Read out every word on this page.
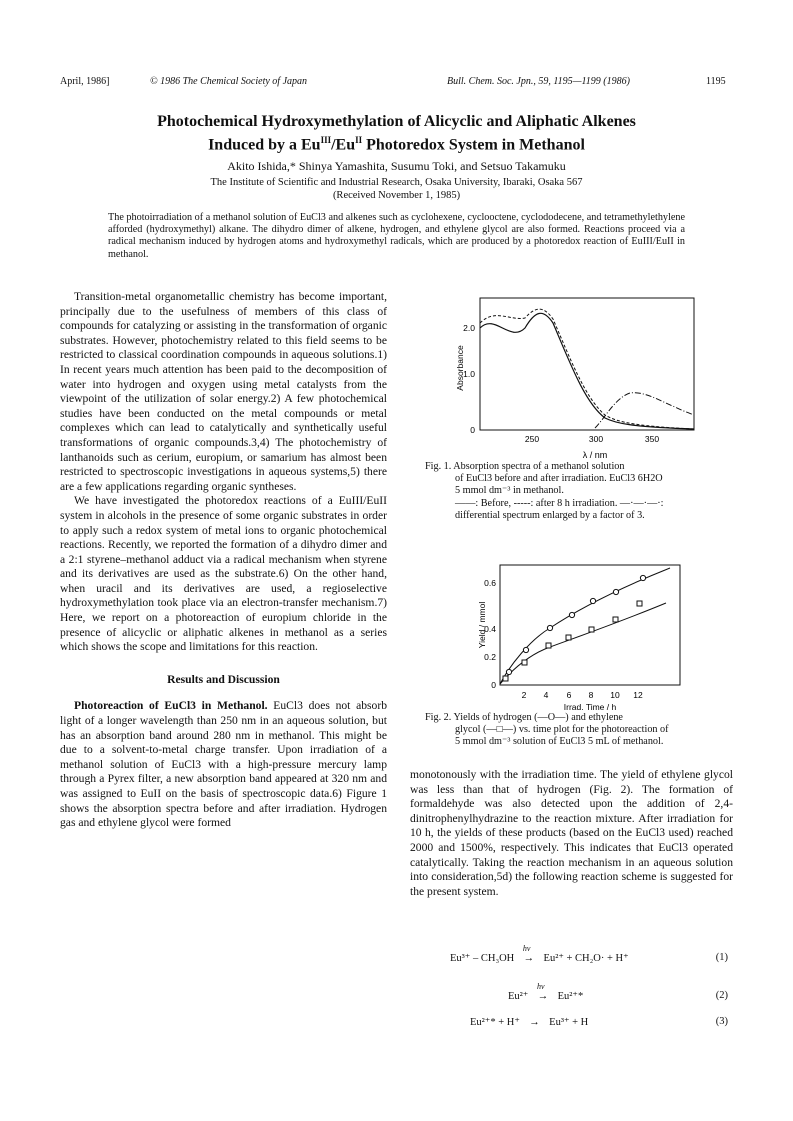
April, 1986]	© 1986 The Chemical Society of Japan	Bull. Chem. Soc. Jpn., 59, 1195—1199 (1986)	1195
Photochemical Hydroxymethylation of Alicyclic and Aliphatic Alkenes
Induced by a $Eu^{III}/Eu^{II}$ Photoredox System in Methanol
Akito Ishida,* Shinya Yamashita, Susumu Toki, and Setsuo Takamuku
The Institute of Scientific and Industrial Research, Osaka University, Ibaraki, Osaka 567
(Received November 1, 1985)
The photoirradiation of a methanol solution of EuCl3 and alkenes such as cyclohexene, cyclooctene, cyclododecene, and tetramethylethylene afforded (hydroxymethyl) alkane. The dihydro dimer of alkene, hydrogen, and ethylene glycol are also formed. Reactions proceed via a radical mechanism induced by hydrogen atoms and hydroxymethyl radicals, which are produced by a photoredox reaction of EuIII/EuII in methanol.

Transition-metal organometallic chemistry has become important, principally due to the usefulness of members of this class of compounds for catalyzing or assisting in the transformation of organic substrates. However, photochemistry related to this field seems to be restricted to classical coordination compounds in aqueous solutions.1) In recent years much attention has been paid to the decomposition of water into hydrogen and oxygen using metal catalysts from the viewpoint of the utilization of solar energy.2) A few photochemical studies have been conducted on the metal compounds or metal complexes which can lead to catalytically and synthetically useful transformations of organic compounds.3,4) The photochemistry of lanthanoids such as cerium, europium, or samarium has almost been restricted to spectroscopic investigations in aqueous systems,5) there are a few applications regarding organic syntheses.

We have investigated the photoredox reactions of a EuIII/EuII system in alcohols in the presence of some organic substrates in order to apply such a redox system of metal ions to organic photochemical reactions. Recently, we reported the formation of a dihydro dimer and a 2:1 styrene–methanol adduct via a radical mechanism when styrene and its derivatives are used as the substrate.6) On the other hand, when uracil and its derivatives are used, a regioselective hydroxymethylation took place via an electron-transfer mechanism.7) Here, we report on a photoreaction of europium chloride in the presence of alicyclic or aliphatic alkenes in methanol as a series which shows the scope and limitations for this reaction.

Results and Discussion

Photoreaction of EuCl3 in Methanol. EuCl3 does not absorb light of a longer wavelength than 250 nm in an aqueous solution, but has an absorption band around 280 nm in methanol. This might be due to a solvent-to-metal charge transfer. Upon irradiation of a methanol solution of EuCl3 with a high-pressure mercury lamp through a Pyrex filter, a new absorption band appeared at 320 nm and was assigned to EuII on the basis of spectroscopic data.6) Figure 1 shows the absorption spectra before and after irradiation. Hydrogen gas and ethylene glycol were formed

Absorbance
λ / nm
0
1.0
2.0
250	300	350
Fig. 1. Absorption spectra of a methanol solution
of EuCl3 before and after irradiation. EuCl3 6H2O
5 mmol dm⁻³ in methanol.
——: Before, -----: after 8 h irradiation. —·—·—·:
differential spectrum enlarged by a factor of 3.
Yield / mmol
Irrad. Time / h
0
0.2
0.4
0.6
2 4 6 8 10 12
Fig. 2. Yields of hydrogen (—O—) and ethylene
glycol (—□—) vs. time plot for the photoreaction of
5 mmol dm⁻³ solution of EuCl3 5 mL of methanol.

monotonously with the irradiation time. The yield of ethylene glycol was less than that of hydrogen (Fig. 2). The formation of formaldehyde was also detected upon the addition of 2,4-dinitrophenylhydrazine to the reaction mixture. After irradiation for 10 h, the yields of these products (based on the EuCl3 used) reached 2000 and 1500%, respectively. This indicates that EuCl3 operated catalytically. Taking the reaction mechanism in an aqueous solution into consideration,5d) the following reaction scheme is suggested for the present system.

Eu³⁺ – CH₃OH →
hν
Eu²⁺ + CH₂O· + H⁺	(1)
Eu²⁺ →
hν
Eu²⁺*	(2)
Eu²⁺* + H⁺ → Eu³⁺ + H	(3)
